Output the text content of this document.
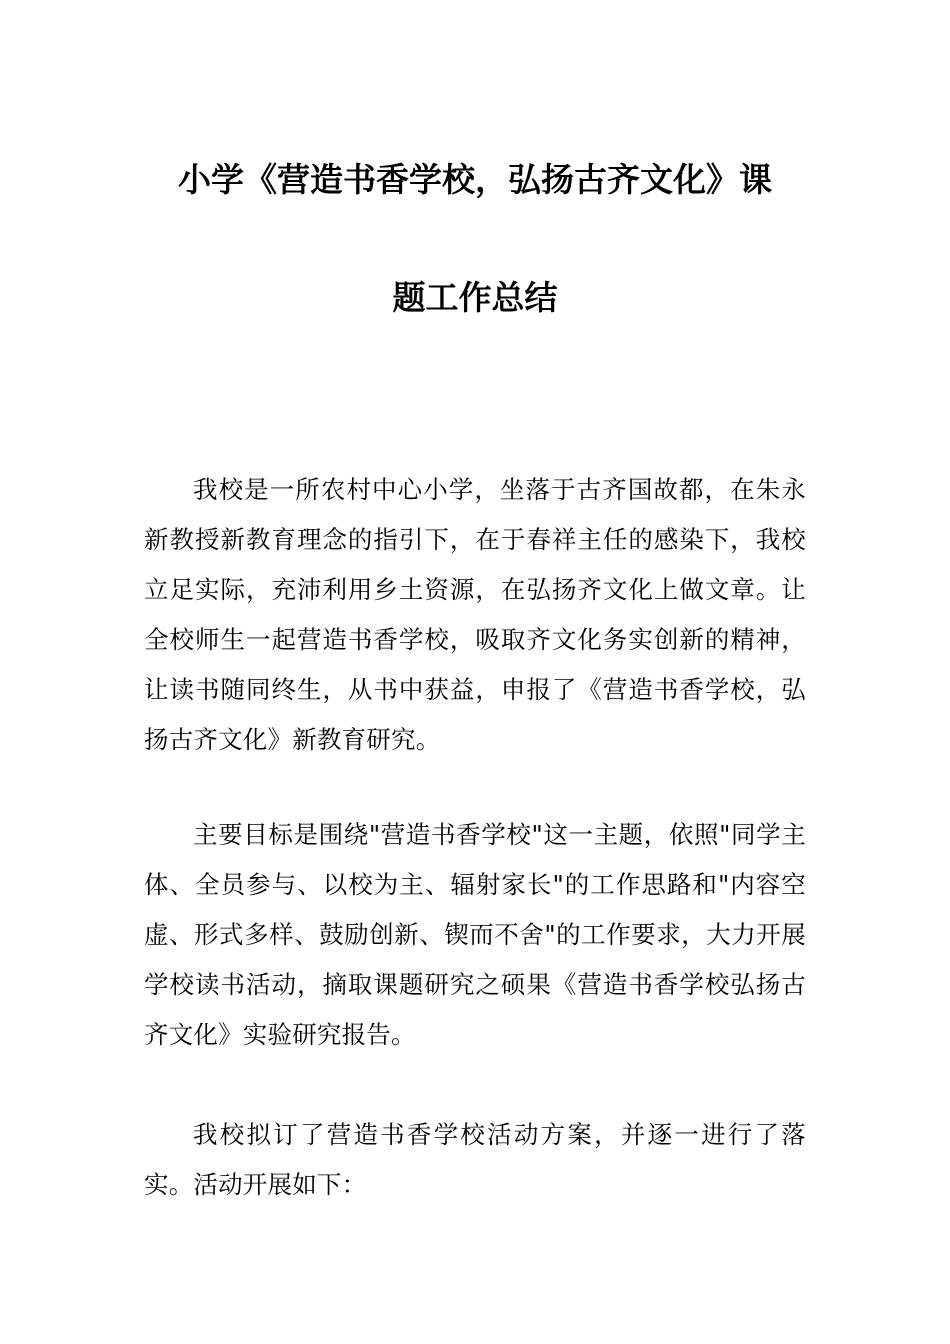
小学《营造书香学校，弘扬古齐文化》课
题工作总结

我校是一所农村中心小学，坐落于古齐国故都，在朱永新教授新教育理念的指引下，在于春祥主任的感染下，我校立足实际，充沛利用乡土资源，在弘扬齐文化上做文章。让全校师生一起营造书香学校，吸取齐文化务实创新的精神，让读书随同终生，从书中获益，申报了《营造书香学校，弘扬古齐文化》新教育研究。

主要目标是围绕"营造书香学校"这一主题，依照"同学主体、全员参与、以校为主、辐射家长"的工作思路和"内容空虚、形式多样、鼓励创新、锲而不舍"的工作要求，大力开展学校读书活动，摘取课题研究之硕果《营造书香学校弘扬古齐文化》实验研究报告。

我校拟订了营造书香学校活动方案，并逐一进行了落实。活动开展如下：
